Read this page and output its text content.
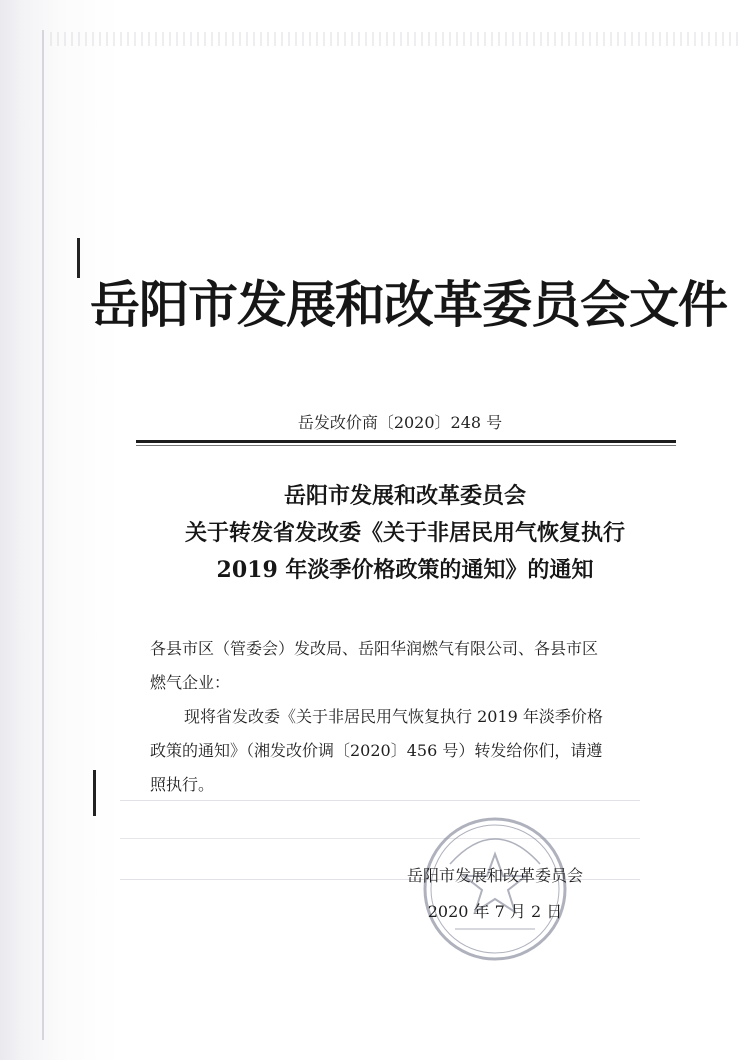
岳阳市发展和改革委员会文件
岳发改价商〔2020〕248 号
岳阳市发展和改革委员会
关于转发省发改委《关于非居民用气恢复执行
2019 年淡季价格政策的通知》的通知
各县市区（管委会）发改局、岳阳华润燃气有限公司、各县市区
燃气企业：
现将省发改委《关于非居民用气恢复执行 2019 年淡季价格
政策的通知》（湘发改价调〔2020〕456 号）转发给你们，请遵
照执行。
岳阳市发展和改革委员会
2020 年 7 月 2 日
